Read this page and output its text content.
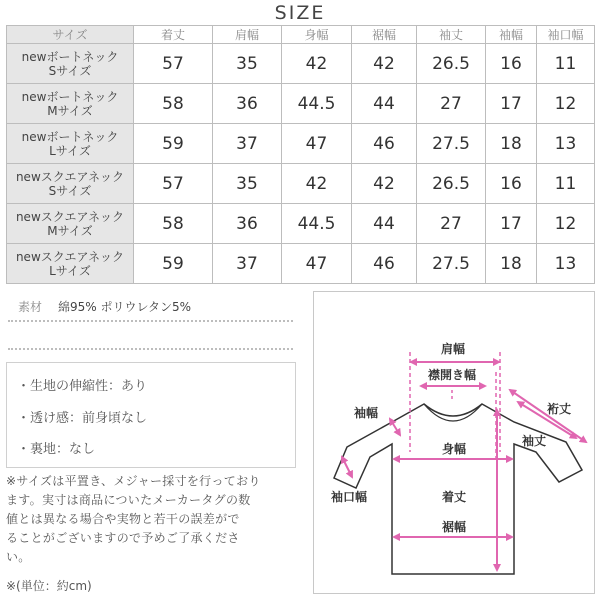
SIZE
サイズ	着丈	肩幅	身幅	裾幅	袖丈	袖幅	袖口幅
newボートネック
Sサイズ	57	35	42	42	26.5	16	11
newボートネック
Mサイズ	58	36	44.5	44	27	17	12
newボートネック
Lサイズ	59	37	47	46	27.5	18	13
newスクエアネック
Sサイズ	57	35	42	42	26.5	16	11
newスクエアネック
Mサイズ	58	36	44.5	44	27	17	12
newスクエアネック
Lサイズ	59	37	47	46	27.5	18	13
素材 綿95% ポリウレタン5%
・生地の伸縮性：あり
・透け感：前身頃なし
・裏地：なし
※サイズは平置き、メジャー採寸を行っており
ます。実寸は商品についたメーカータグの数
値とは異なる場合や実物と若干の誤差がで
ることがございますので予めご了承くださ
い。
※(単位：約cm)
肩幅
襟開き幅
袖幅	裄丈
袖丈
身幅
袖口幅	着丈
裾幅
